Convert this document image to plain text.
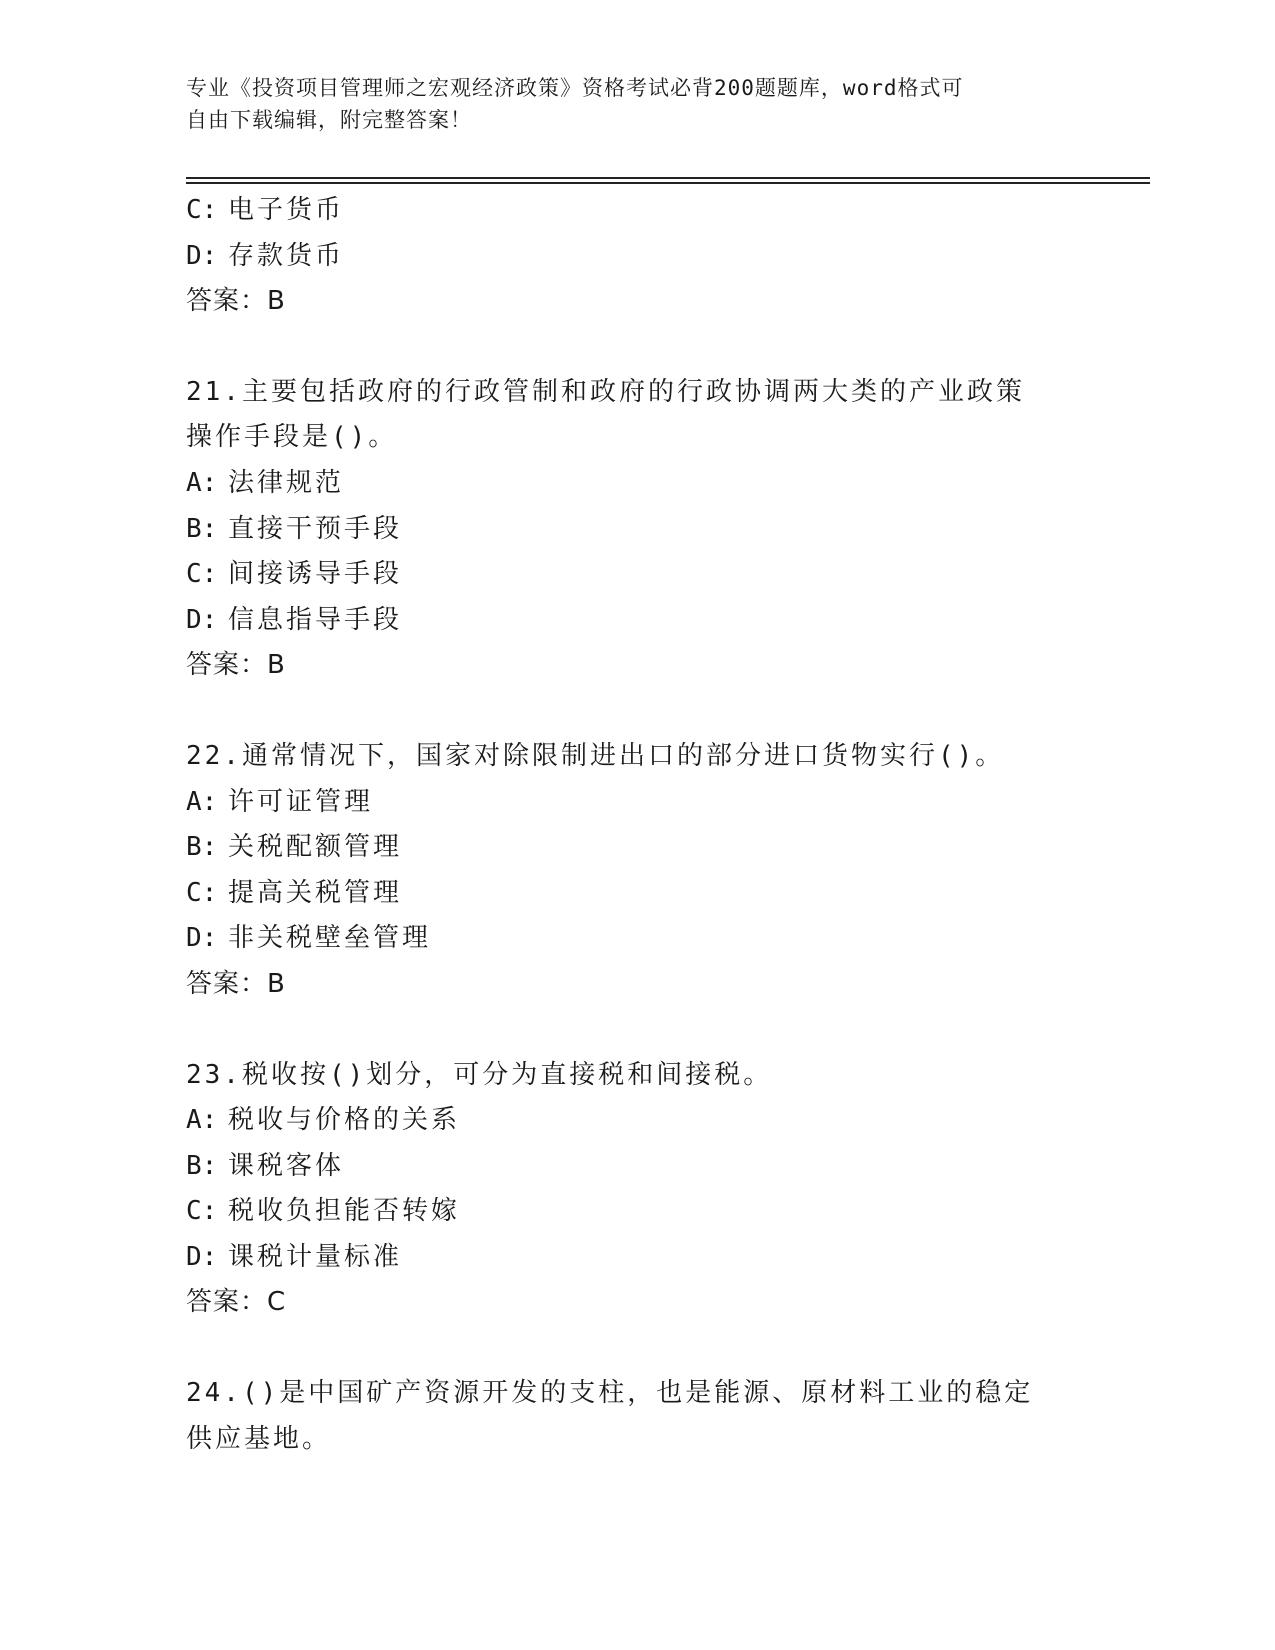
专业《投资项目管理师之宏观经济政策》资格考试必背200题题库，word格式可
自由下载编辑，附完整答案！
C: 电子货币
D: 存款货币
答案：B
21.主要包括政府的行政管制和政府的行政协调两大类的产业政策操作手段是()。
A: 法律规范
B: 直接干预手段
C: 间接诱导手段
D: 信息指导手段
答案：B
22.通常情况下，国家对除限制进出口的部分进口货物实行()。
A: 许可证管理
B: 关税配额管理
C: 提高关税管理
D: 非关税壁垒管理
答案：B
23.税收按()划分，可分为直接税和间接税。
A: 税收与价格的关系
B: 课税客体
C: 税收负担能否转嫁
D: 课税计量标准
答案：C
24.()是中国矿产资源开发的支柱，也是能源、原材料工业的稳定供应基地。
